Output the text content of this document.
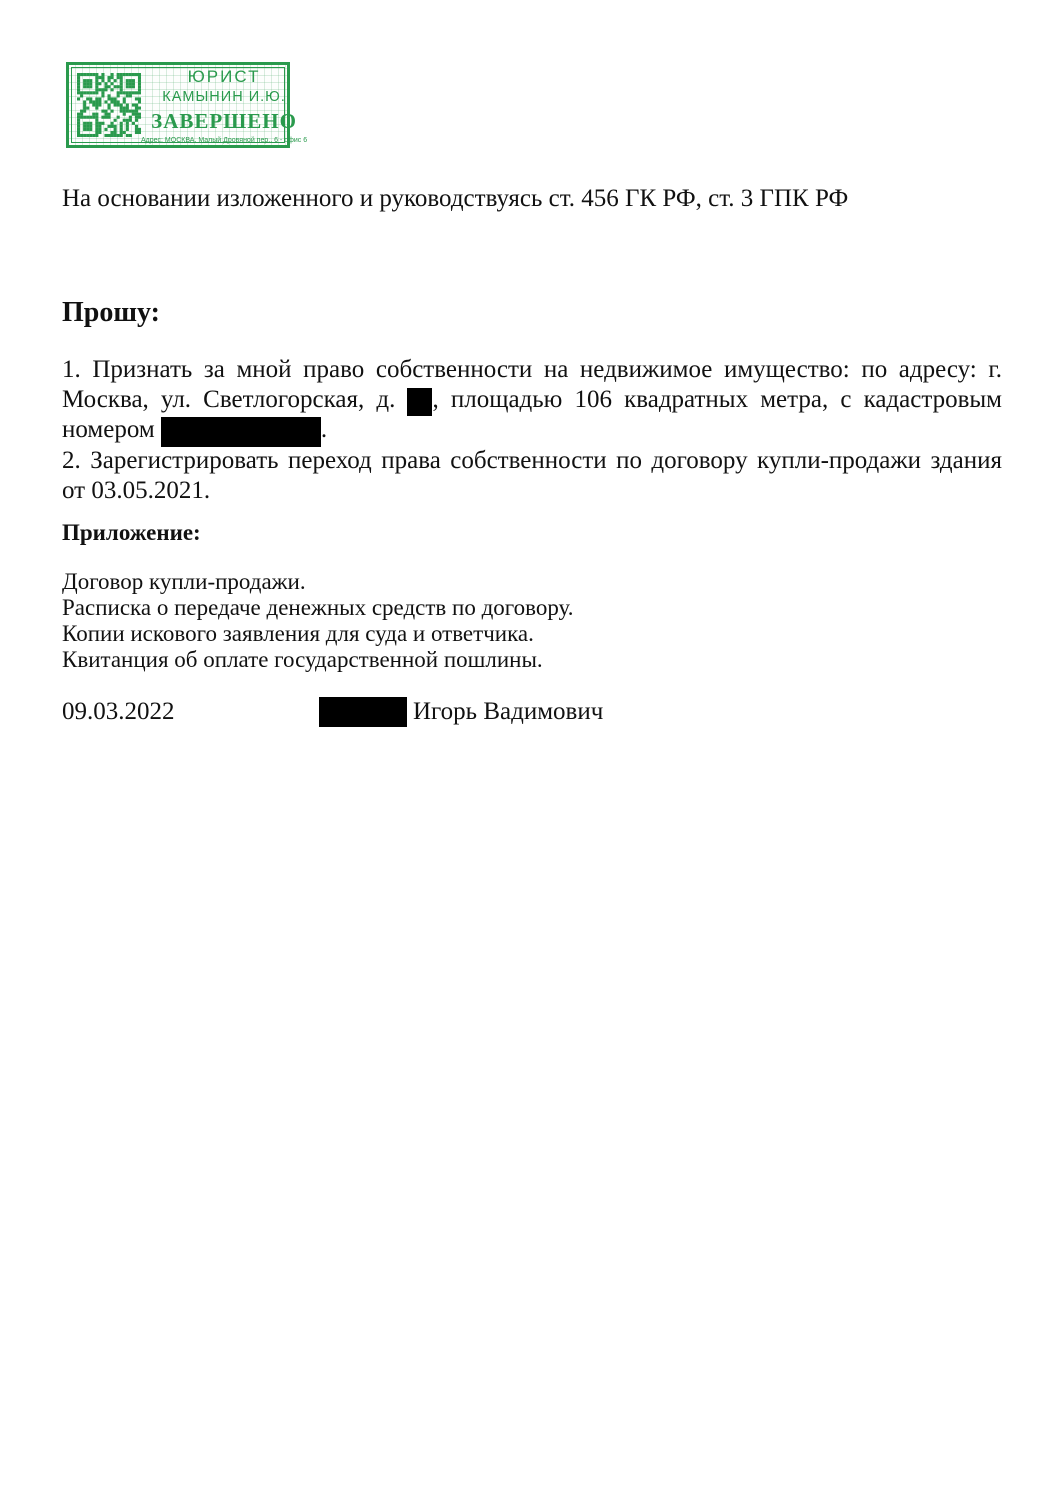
ЮРИСТ
КАМЫНИН И.Ю.
ЗАВЕРШЕНО
Адрес: МОСКВА, Малый Дровяной пер., 6 - офис 6

На основании изложенного и руководствуясь ст. 456 ГК РФ, ст. 3 ГПК РФ

Прошу:

1. Признать за мной право собственности на недвижимое имущество: по адресу: г. Москва, ул. Светлогорская, д. , площадью 106 квадратных метра, с кадастровым номером	.

2. Зарегистрировать переход права собственности по договору купли-продажи здания от 03.05.2021.

Приложение:
Договор купли-продажи.
Расписка о передаче денежных средств по договору.
Копии искового заявления для суда и ответчика.
Квитанция об оплате государственной пошлины.
09.03.2022	Игорь Вадимович
